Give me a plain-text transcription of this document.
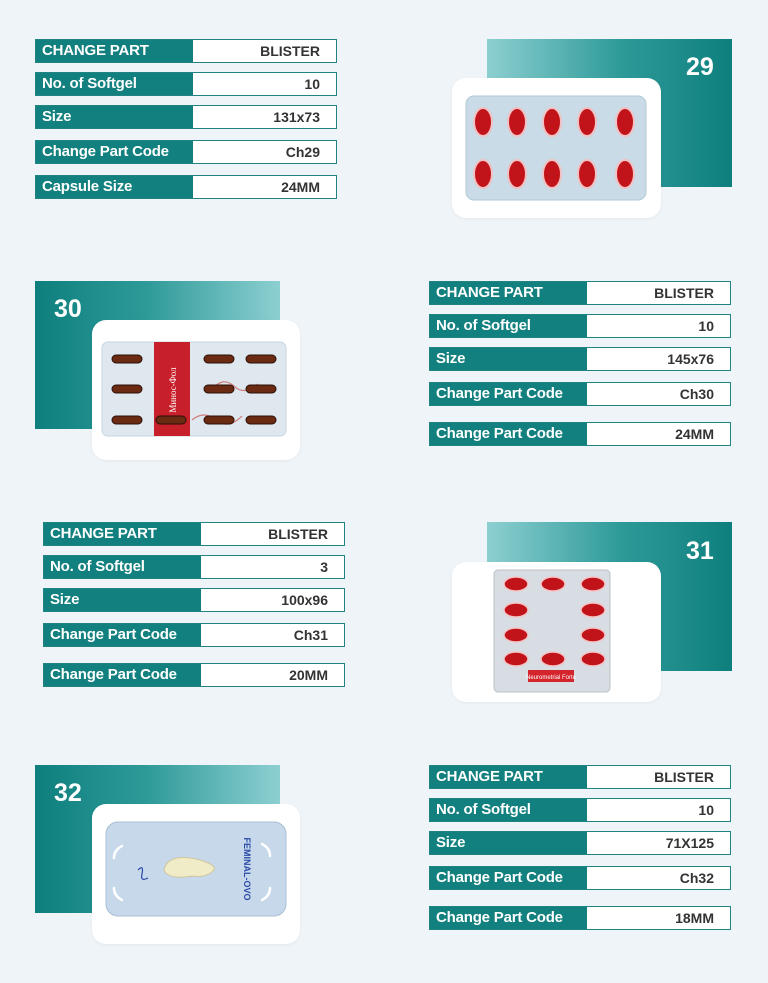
CHANGE PART	BLISTER
No. of Softgel	10
Size	131x73
Change Part Code	Ch29
Capsule Size	24MM
29
30
Минос-Фол
CHANGE PART	BLISTER
No. of Softgel	10
Size	145x76
Change Part Code	Ch30
Change Part Code	24MM
CHANGE PART	BLISTER
No. of Softgel	3
Size	100x96
Change Part Code	Ch31
Change Part Code	20MM
31
Neurometrial Forte
32
FEMINAL-OVO
CHANGE PART	BLISTER
No. of Softgel	10
Size	71X125
Change Part Code	Ch32
Change Part Code	18MM
